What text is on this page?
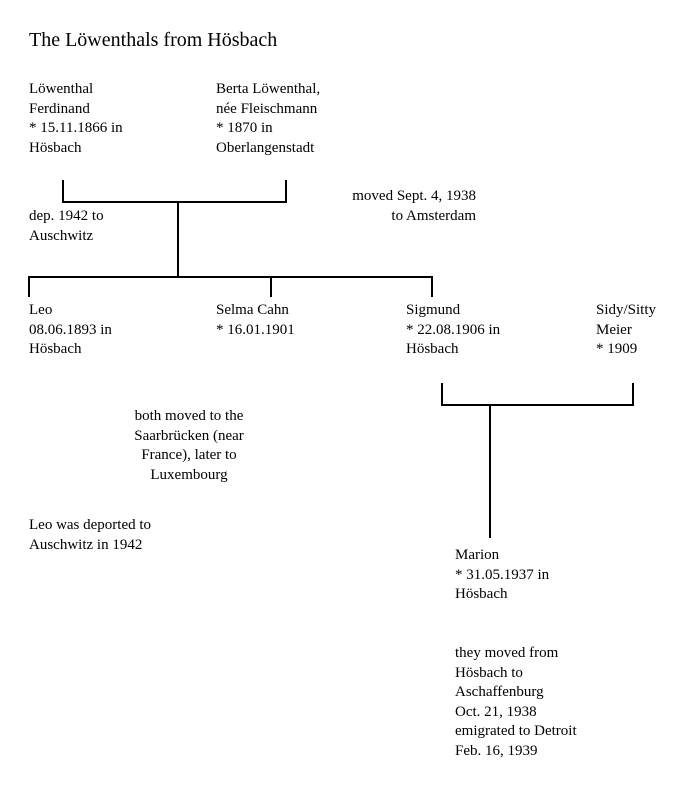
The Löwenthals from Hösbach

Löwenthal
Ferdinand
* 15.11.1866 in
Hösbach

Berta Löwenthal,
née Fleischmann
* 1870 in
Oberlangenstadt

dep. 1942 to
Auschwitz

moved Sept. 4, 1938
to Amsterdam

Leo
08.06.1893 in
Hösbach

Selma Cahn
* 16.01.1901

Sigmund
* 22.08.1906 in
Hösbach

Sidy/Sitty
Meier
* 1909

both moved to the
Saarbrücken (near
France), later to
Luxembourg

Leo was deported to
Auschwitz in 1942

Marion
* 31.05.1937 in
Hösbach

they moved from
Hösbach to
Aschaffenburg
Oct. 21, 1938
emigrated to Detroit
Feb. 16, 1939
